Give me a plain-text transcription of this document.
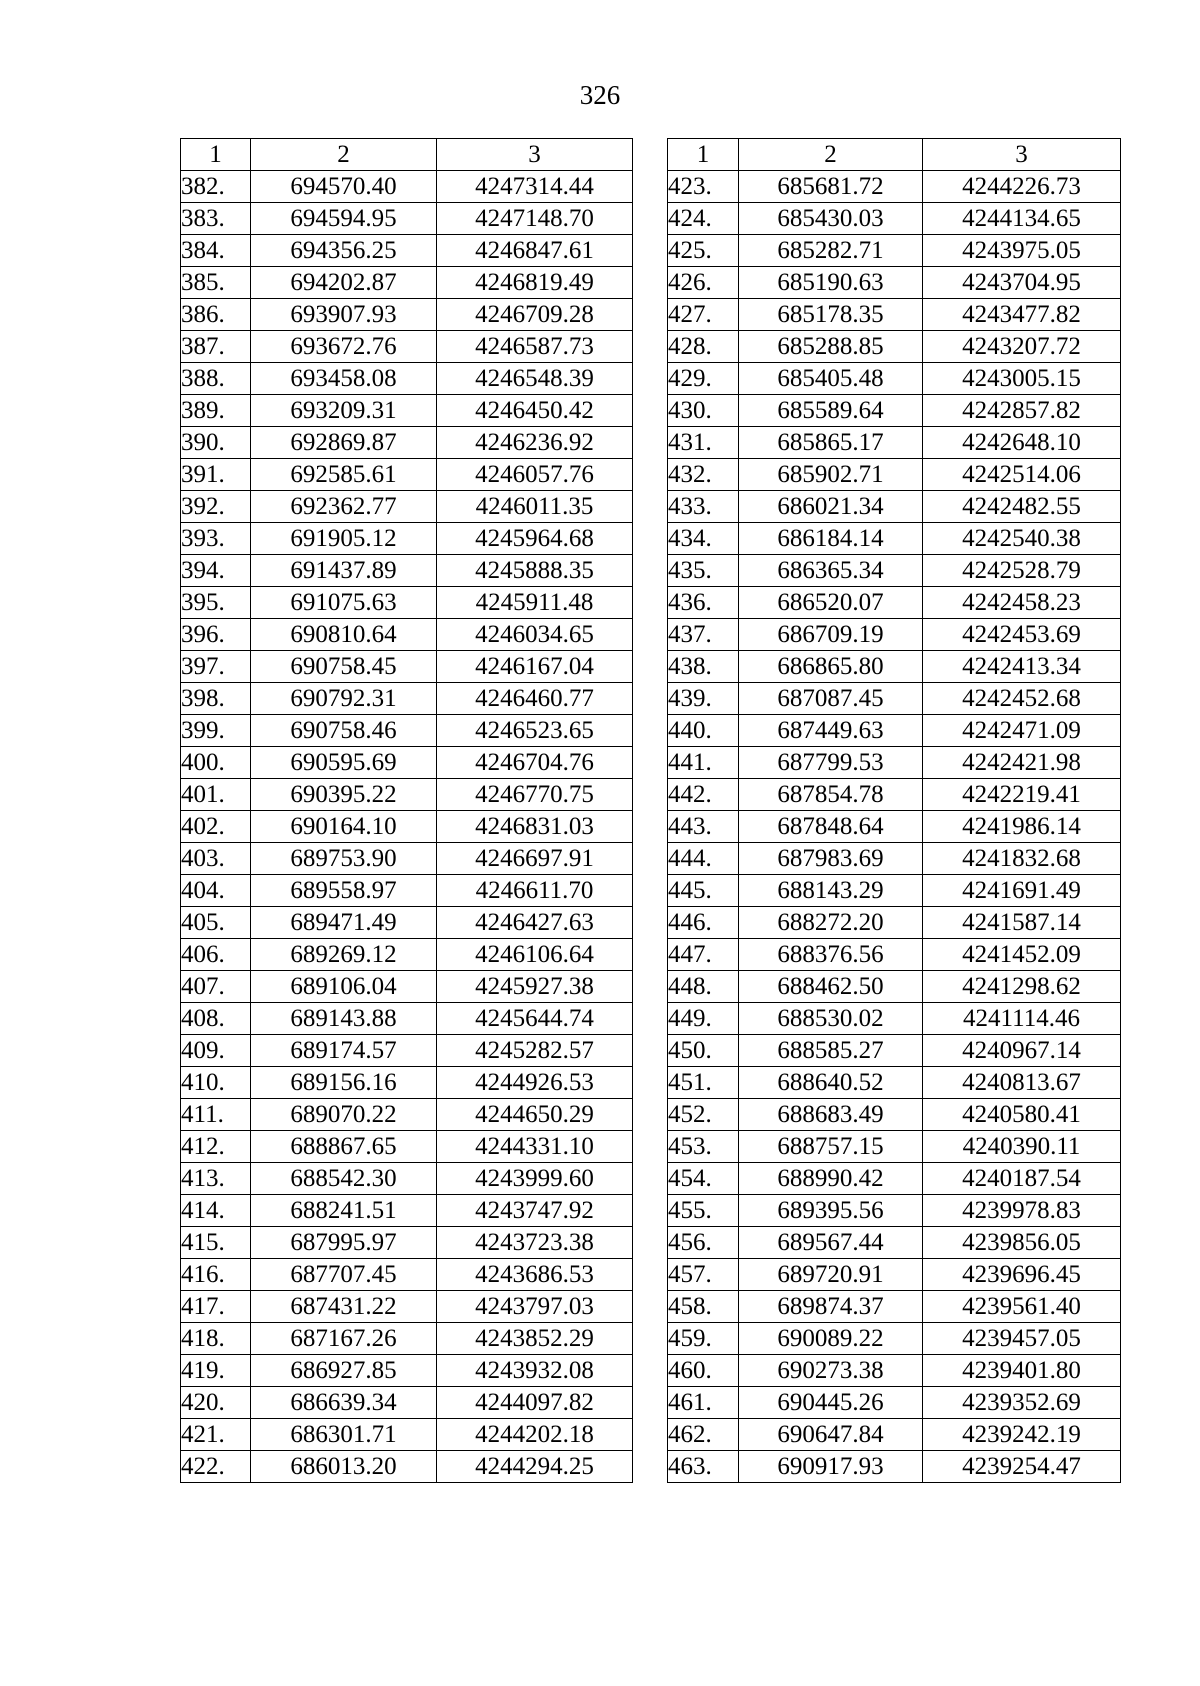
326
1	2	3
382.	694570.40	4247314.44
383.	694594.95	4247148.70
384.	694356.25	4246847.61
385.	694202.87	4246819.49
386.	693907.93	4246709.28
387.	693672.76	4246587.73
388.	693458.08	4246548.39
389.	693209.31	4246450.42
390.	692869.87	4246236.92
391.	692585.61	4246057.76
392.	692362.77	4246011.35
393.	691905.12	4245964.68
394.	691437.89	4245888.35
395.	691075.63	4245911.48
396.	690810.64	4246034.65
397.	690758.45	4246167.04
398.	690792.31	4246460.77
399.	690758.46	4246523.65
400.	690595.69	4246704.76
401.	690395.22	4246770.75
402.	690164.10	4246831.03
403.	689753.90	4246697.91
404.	689558.97	4246611.70
405.	689471.49	4246427.63
406.	689269.12	4246106.64
407.	689106.04	4245927.38
408.	689143.88	4245644.74
409.	689174.57	4245282.57
410.	689156.16	4244926.53
411.	689070.22	4244650.29
412.	688867.65	4244331.10
413.	688542.30	4243999.60
414.	688241.51	4243747.92
415.	687995.97	4243723.38
416.	687707.45	4243686.53
417.	687431.22	4243797.03
418.	687167.26	4243852.29
419.	686927.85	4243932.08
420.	686639.34	4244097.82
421.	686301.71	4244202.18
422.	686013.20	4244294.25
1	2	3
423.	685681.72	4244226.73
424.	685430.03	4244134.65
425.	685282.71	4243975.05
426.	685190.63	4243704.95
427.	685178.35	4243477.82
428.	685288.85	4243207.72
429.	685405.48	4243005.15
430.	685589.64	4242857.82
431.	685865.17	4242648.10
432.	685902.71	4242514.06
433.	686021.34	4242482.55
434.	686184.14	4242540.38
435.	686365.34	4242528.79
436.	686520.07	4242458.23
437.	686709.19	4242453.69
438.	686865.80	4242413.34
439.	687087.45	4242452.68
440.	687449.63	4242471.09
441.	687799.53	4242421.98
442.	687854.78	4242219.41
443.	687848.64	4241986.14
444.	687983.69	4241832.68
445.	688143.29	4241691.49
446.	688272.20	4241587.14
447.	688376.56	4241452.09
448.	688462.50	4241298.62
449.	688530.02	4241114.46
450.	688585.27	4240967.14
451.	688640.52	4240813.67
452.	688683.49	4240580.41
453.	688757.15	4240390.11
454.	688990.42	4240187.54
455.	689395.56	4239978.83
456.	689567.44	4239856.05
457.	689720.91	4239696.45
458.	689874.37	4239561.40
459.	690089.22	4239457.05
460.	690273.38	4239401.80
461.	690445.26	4239352.69
462.	690647.84	4239242.19
463.	690917.93	4239254.47
